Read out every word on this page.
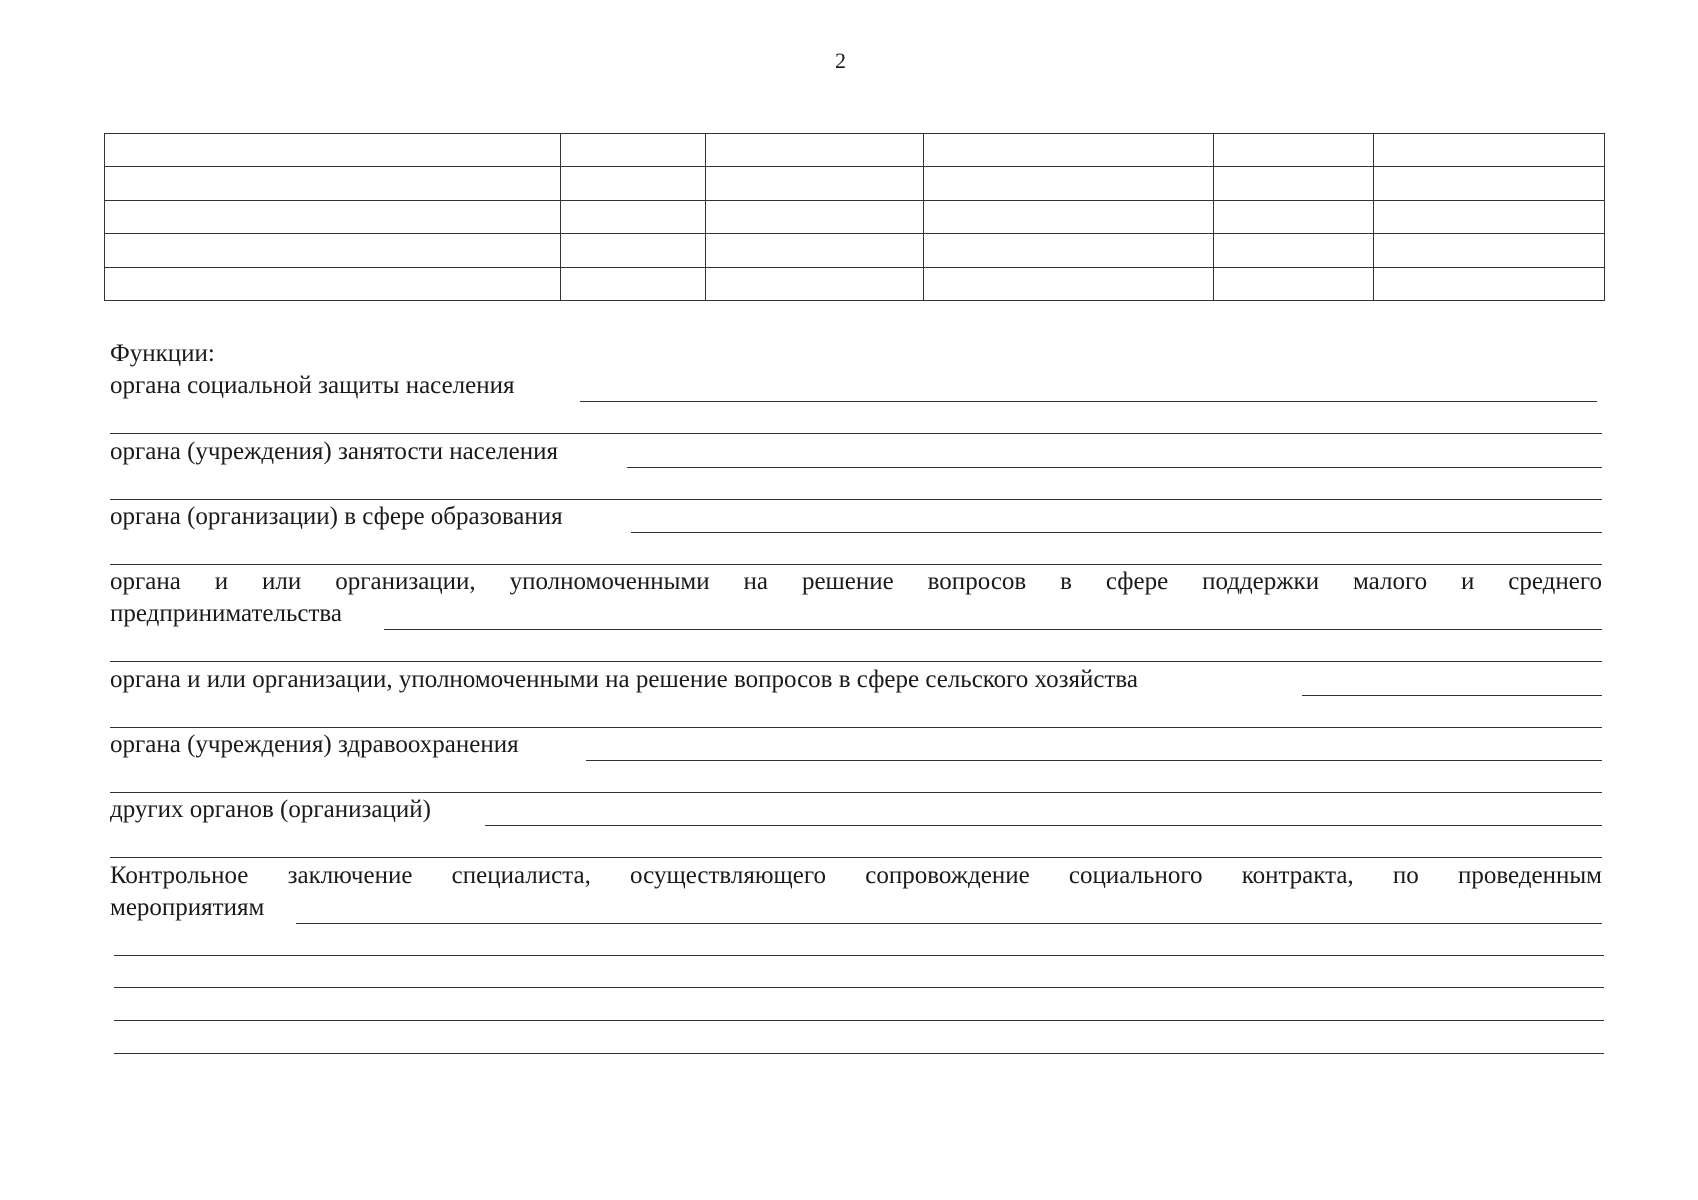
2

Функции:
органа социальной защиты населения
органа (учреждения) занятости населения
органа (организации) в сфере образования
органа и или организации, уполномоченными на решение вопросов в сфере поддержки малого и среднего
предпринимательства
органа и или организации, уполномоченными на решение вопросов в сфере сельского хозяйства
органа (учреждения) здравоохранения
других органов (организаций)
Контрольное заключение специалиста, осуществляющего сопровождение социального контракта, по проведенным
мероприятиям
